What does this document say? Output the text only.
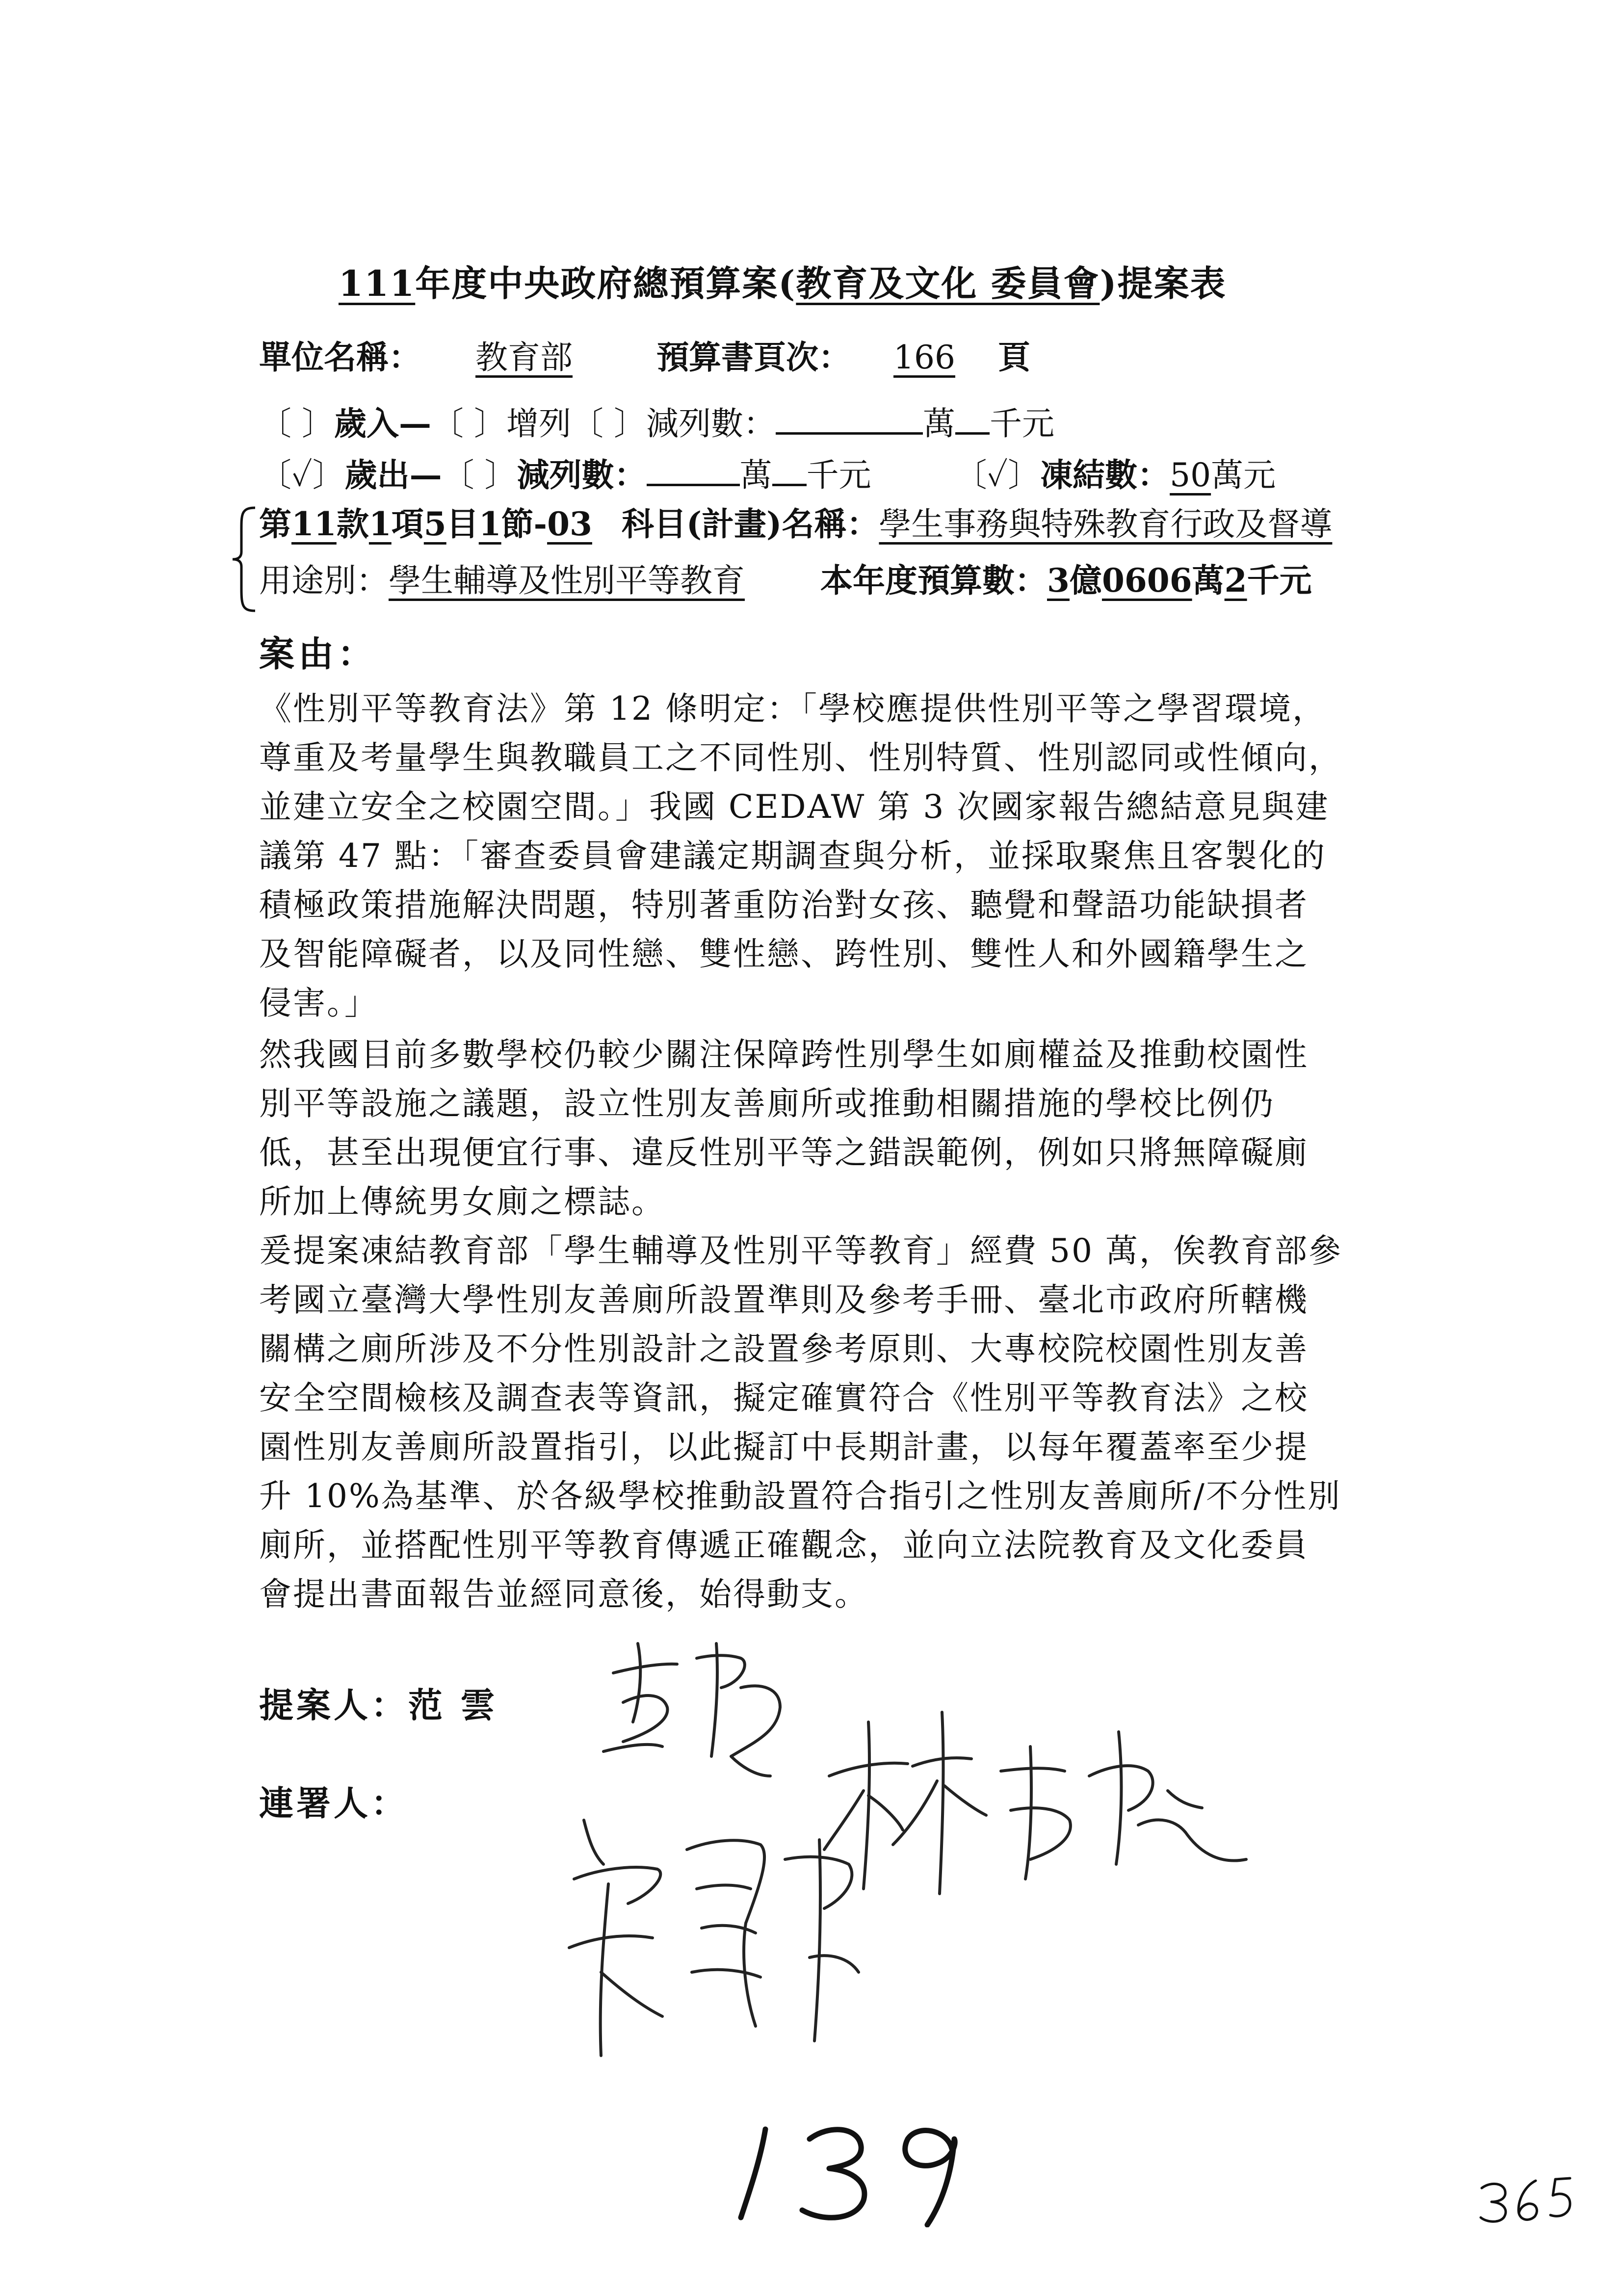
111年度中央政府總預算案(教育及文化 委員會)提案表
單位名稱： 教育部	預算書頁次： 166 頁
〔 〕歲入—〔 〕增列〔 〕減列數：	萬 千元
〔✓〕歲出—〔 〕減列數：	萬 千元	〔✓〕凍結數：50萬元
第11款1項5目1節-03 科目(計畫)名稱：學生事務與特殊教育行政及督導
用途別：學生輔導及性別平等教育 本年度預算數：3億0606萬2千元
案由：
《性別平等教育法》第 12 條明定：「學校應提供性別平等之學習環境，
尊重及考量學生與教職員工之不同性別、性別特質、性別認同或性傾向，
並建立安全之校園空間。」我國 CEDAW 第 3 次國家報告總結意見與建
議第 47 點：「審查委員會建議定期調查與分析，並採取聚焦且客製化的
積極政策措施解決問題，特別著重防治對女孩、聽覺和聲語功能缺損者
及智能障礙者，以及同性戀、雙性戀、跨性別、雙性人和外國籍學生之
侵害。」
然我國目前多數學校仍較少關注保障跨性別學生如廁權益及推動校園性
別平等設施之議題，設立性別友善廁所或推動相關措施的學校比例仍
低，甚至出現便宜行事、違反性別平等之錯誤範例，例如只將無障礙廁
所加上傳統男女廁之標誌。
爰提案凍結教育部「學生輔導及性別平等教育」經費 50 萬，俟教育部參
考國立臺灣大學性別友善廁所設置準則及參考手冊、臺北市政府所轄機
關構之廁所涉及不分性別設計之設置參考原則、大專校院校園性別友善
安全空間檢核及調查表等資訊，擬定確實符合《性別平等教育法》之校
園性別友善廁所設置指引，以此擬訂中長期計畫，以每年覆蓋率至少提
升 10%為基準、於各級學校推動設置符合指引之性別友善廁所/不分性別
廁所，並搭配性別平等教育傳遞正確觀念，並向立法院教育及文化委員
會提出書面報告並經同意後，始得動支。
提案人：范 雲
連署人：
